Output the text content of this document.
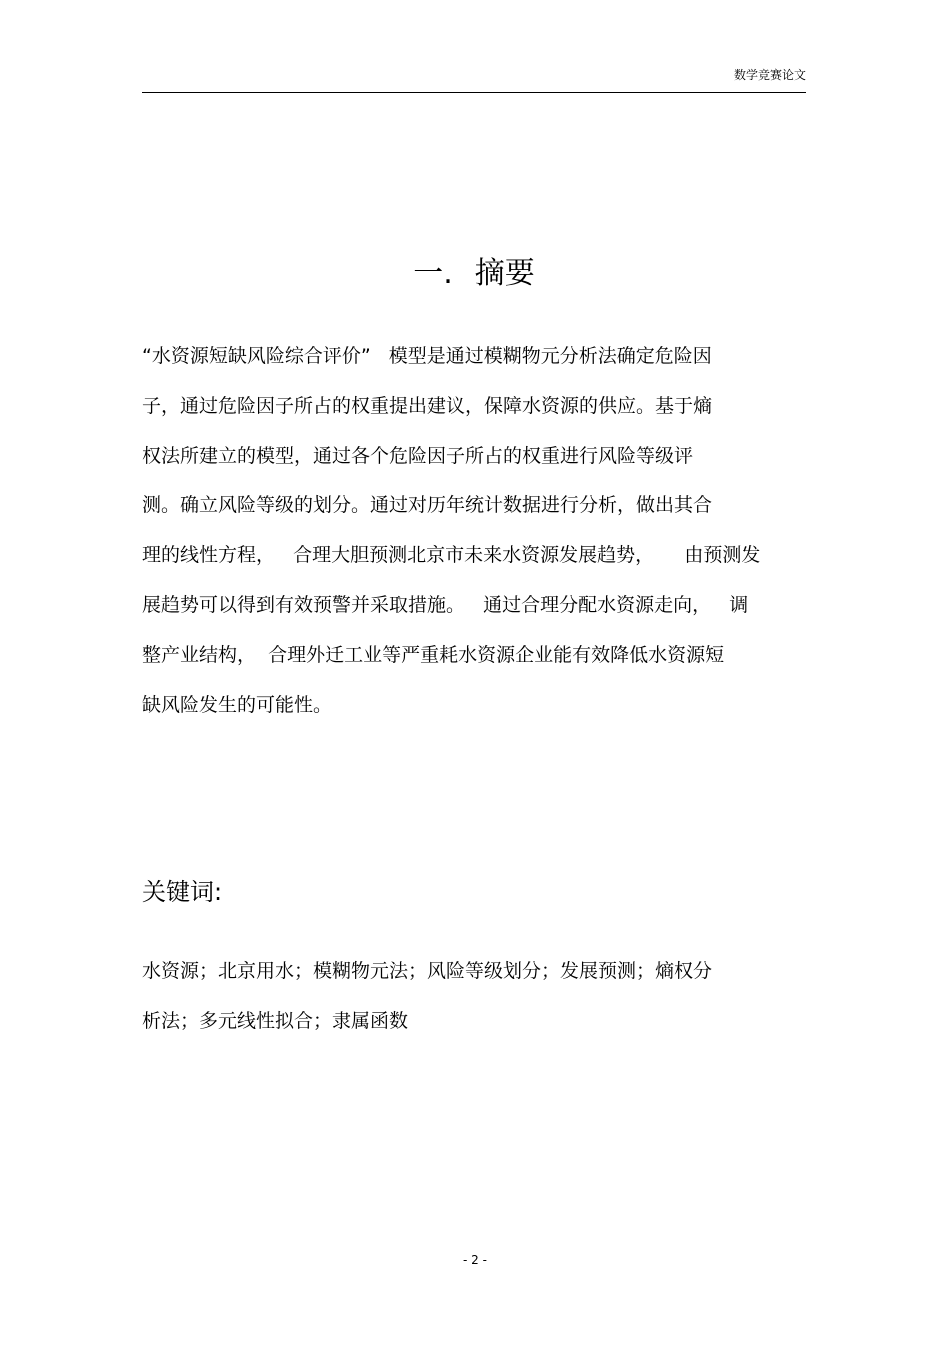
数学竞赛论文
一. 摘要
“水资源短缺风险综合评价”   模型是通过模糊物元分析法确定危险因
子，通过危险因子所占的权重提出建议，保障水资源的供应。基于熵
权法所建立的模型，通过各个危险因子所占的权重进行风险等级评
测。确立风险等级的划分。通过对历年统计数据进行分析，做出其合
理的线性方程，   合理大胆预测北京市未来水资源发展趋势，     由预测发
展趋势可以得到有效预警并采取措施。   通过合理分配水资源走向，   调
整产业结构，  合理外迁工业等严重耗水资源企业能有效降低水资源短
缺风险发生的可能性。
关键词:
水资源；北京用水；模糊物元法；风险等级划分；发展预测；熵权分
析法；多元线性拟合；隶属函数
- 2 -
